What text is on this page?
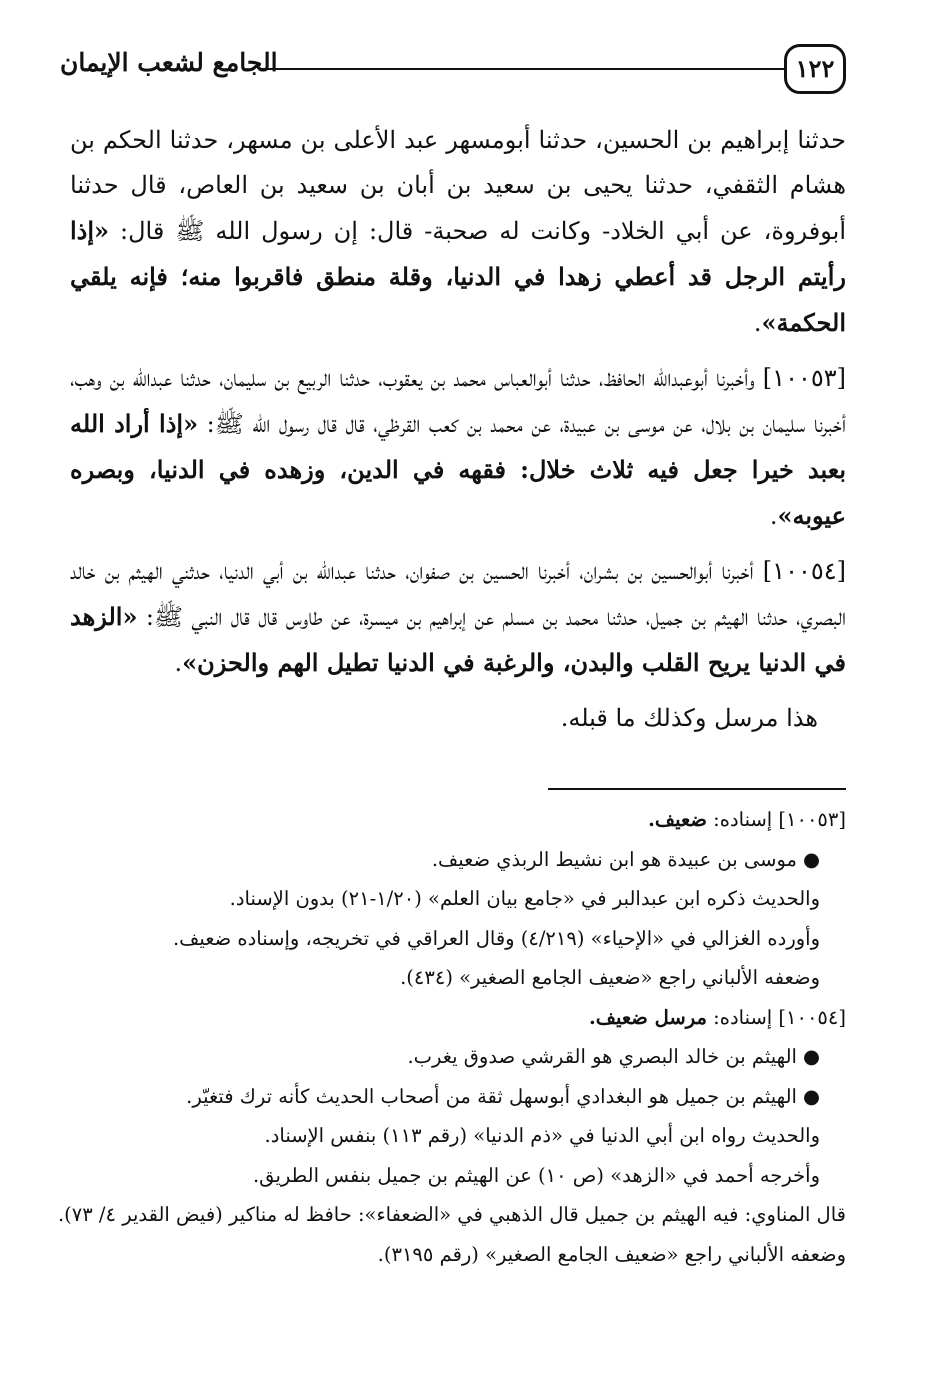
١٢٢
الجامع لشعب الإيمان

حدثنا إبراهيم بن الحسين، حدثنا أبومسهر عبد الأعلى بن مسهر، حدثنا الحكم بن هشام الثقفي، حدثنا يحيى بن سعيد بن أبان بن سعيد بن العاص، قال حدثنا أبوفروة، عن أبي الخلاد- وكانت له صحبة- قال: إن رسول الله ﷺ قال: «إذا رأيتم الرجل قد أعطي زهدا في الدنيا، وقلة منطق فاقربوا منه؛ فإنه يلقي الحكمة».

[١٠٠٥٣] وأخبرنا أبوعبدالله الحافظ، حدثنا أبوالعباس محمد بن يعقوب، حدثنا الربيع بن سليمان، حدثنا عبدالله بن وهب، أخبرنا سليمان بن بلال، عن موسى بن عبيدة، عن محمد بن كعب القرظي، قال قال رسول الله ﷺ: «إذا أراد الله بعبد خيرا جعل فيه ثلاث خلال: فقهه في الدين، وزهده في الدنيا، وبصره عيوبه».

[١٠٠٥٤] أخبرنا أبوالحسين بن بشران، أخبرنا الحسين بن صفوان، حدثنا عبدالله بن أبي الدنيا، حدثني الهيثم بن خالد البصري، حدثنا الهيثم بن جميل، حدثنا محمد بن مسلم عن إبراهيم بن ميسرة، عن طاوس قال قال النبي ﷺ: «الزهد في الدنيا يريح القلب والبدن، والرغبة في الدنيا تطيل الهم والحزن».

هذا مرسل وكذلك ما قبله.

[١٠٠٥٣] إسناده: ضعيف.

●موسى بن عبيدة هو ابن نشيط الربذي ضعيف.

والحديث ذكره ابن عبدالبر في «جامع بيان العلم» (١/٢٠-٢١) بدون الإسناد.

وأورده الغزالي في «الإحياء» (٤/٢١٩) وقال العراقي في تخريجه، وإسناده ضعيف.

وضعفه الألباني راجع «ضعيف الجامع الصغير» (٤٣٤).

[١٠٠٥٤] إسناده: مرسل ضعيف.

●الهيثم بن خالد البصري هو القرشي صدوق يغرب.

●الهيثم بن جميل هو البغدادي أبوسهل ثقة من أصحاب الحديث كأنه ترك فتغيّر.

والحديث رواه ابن أبي الدنيا في «ذم الدنيا» (رقم ١١٣) بنفس الإسناد.

وأخرجه أحمد في «الزهد» (ص ١٠) عن الهيثم بن جميل بنفس الطريق.

قال المناوي: فيه الهيثم بن جميل قال الذهبي في «الضعفاء»: حافظ له مناكير (فيض القدير ٤/ ٧٣).

وضعفه الألباني راجع «ضعيف الجامع الصغير» (رقم ٣١٩٥).
